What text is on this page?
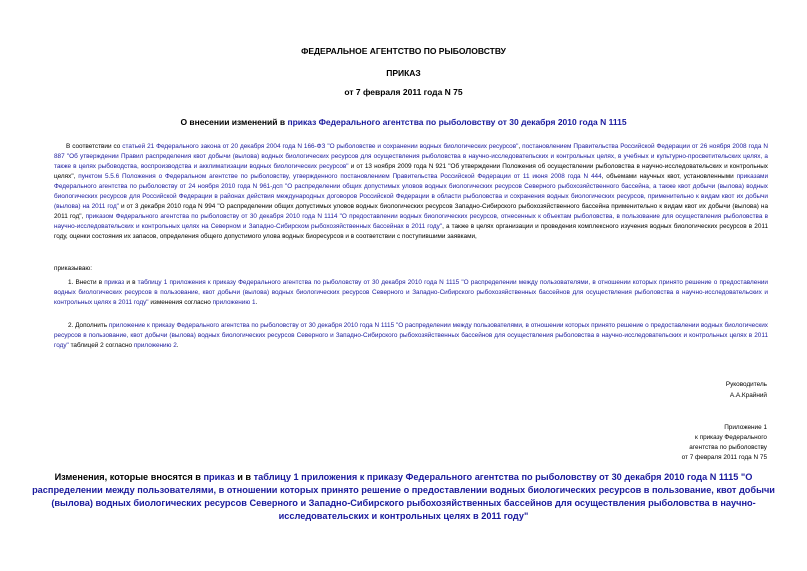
ФЕДЕРАЛЬНОЕ АГЕНТСТВО ПО РЫБОЛОВСТВУ
ПРИКАЗ
от 7 февраля 2011 года N 75
О внесении изменений в приказ Федерального агентства по рыболовству от 30 декабря 2010 года N 1115
В соответствии со статьей 21 Федерального закона от 20 декабря 2004 года N 166-ФЗ "О рыболовстве и сохранении водных биологических ресурсов", постановлением Правительства Российской Федерации от 26 ноября 2008 года N 887 "Об утверждении Правил распределения квот добычи (вылова) водных биологических ресурсов для осуществления рыболовства в научно-исследовательских и контрольных целях, в учебных и культурно-просветительских целях, а также в целях рыбоводства, воспроизводства и акклиматизации водных биологических ресурсов" и от 13 ноября 2009 года N 921 "Об утверждении Положения об осуществлении рыболовства в научно-исследовательских и контрольных целях", пунктом 5.5.6 Положения о Федеральном агентстве по рыболовству, утвержденного постановлением Правительства Российской Федерации от 11 июня 2008 года N 444, объемами научных квот, установленными приказами Федерального агентства по рыболовству от 24 ноября 2010 года N 961-дсп "О распределении общих допустимых уловов водных биологических ресурсов Северного рыбохозяйственного бассейна, а также квот добычи (вылова) водных биологических ресурсов для Российской Федерации в районах действия международных договоров Российской Федерации в области рыболовства и сохранения водных биологических ресурсов, применительно к видам квот их добычи (вылова) на 2011 год" и от 3 декабря 2010 года N 994 "О распределении общих допустимых уловов водных биологических ресурсов Западно-Сибирского рыбохозяйственного бассейна применительно к видам квот их добычи (вылова) на 2011 год", приказом Федерального агентства по рыболовству от 30 декабря 2010 года N 1114 "О предоставлении водных биологических ресурсов, отнесенных к объектам рыболовства, в пользование для осуществления рыболовства в научно-исследовательских и контрольных целях на Северном и Западно-Сибирском рыбохозяйственных бассейнах в 2011 году", а также в целях организации и проведения комплексного изучения водных биологических ресурсов в 2011 году, оценки состояния их запасов, определения общего допустимого улова водных биоресурсов и в соответствии с поступившими заявками,
приказываю:
1. Внести в приказ и в таблицу 1 приложения к приказу Федерального агентства по рыболовству от 30 декабря 2010 года N 1115 "О распределении между пользователями, в отношении которых принято решение о предоставлении водных биологических ресурсов в пользование, квот добычи (вылова) водных биологических ресурсов Северного и Западно-Сибирского рыбохозяйственных бассейнов для осуществления рыболовства в научно-исследовательских и контрольных целях в 2011 году" изменения согласно приложению 1.
2. Дополнить приложение к приказу Федерального агентства по рыболовству от 30 декабря 2010 года N 1115 "О распределении между пользователями, в отношении которых принято решение о предоставлении водных биологических ресурсов в пользование, квот добычи (вылова) водных биологических ресурсов Северного и Западно-Сибирского рыбохозяйственных бассейнов для осуществления рыболовства в научно-исследовательских и контрольных целях в 2011 году" таблицей 2 согласно приложению 2.
Руководитель
А.А.Крайний
Приложение 1
к приказу Федерального
агентства по рыболовству
от 7 февраля 2011 года N 75
Изменения, которые вносятся в приказ и в таблицу 1 приложения к приказу Федерального агентства по рыболовству от 30 декабря 2010 года N 1115 "О распределении между пользователями, в отношении которых принято решение о предоставлении водных биологических ресурсов в пользование, квот добычи (вылова) водных биологических ресурсов Северного и Западно-Сибирского рыбохозяйственных бассейнов для осуществления рыболовства в научно-исследовательских и контрольных целях в 2011 году"
